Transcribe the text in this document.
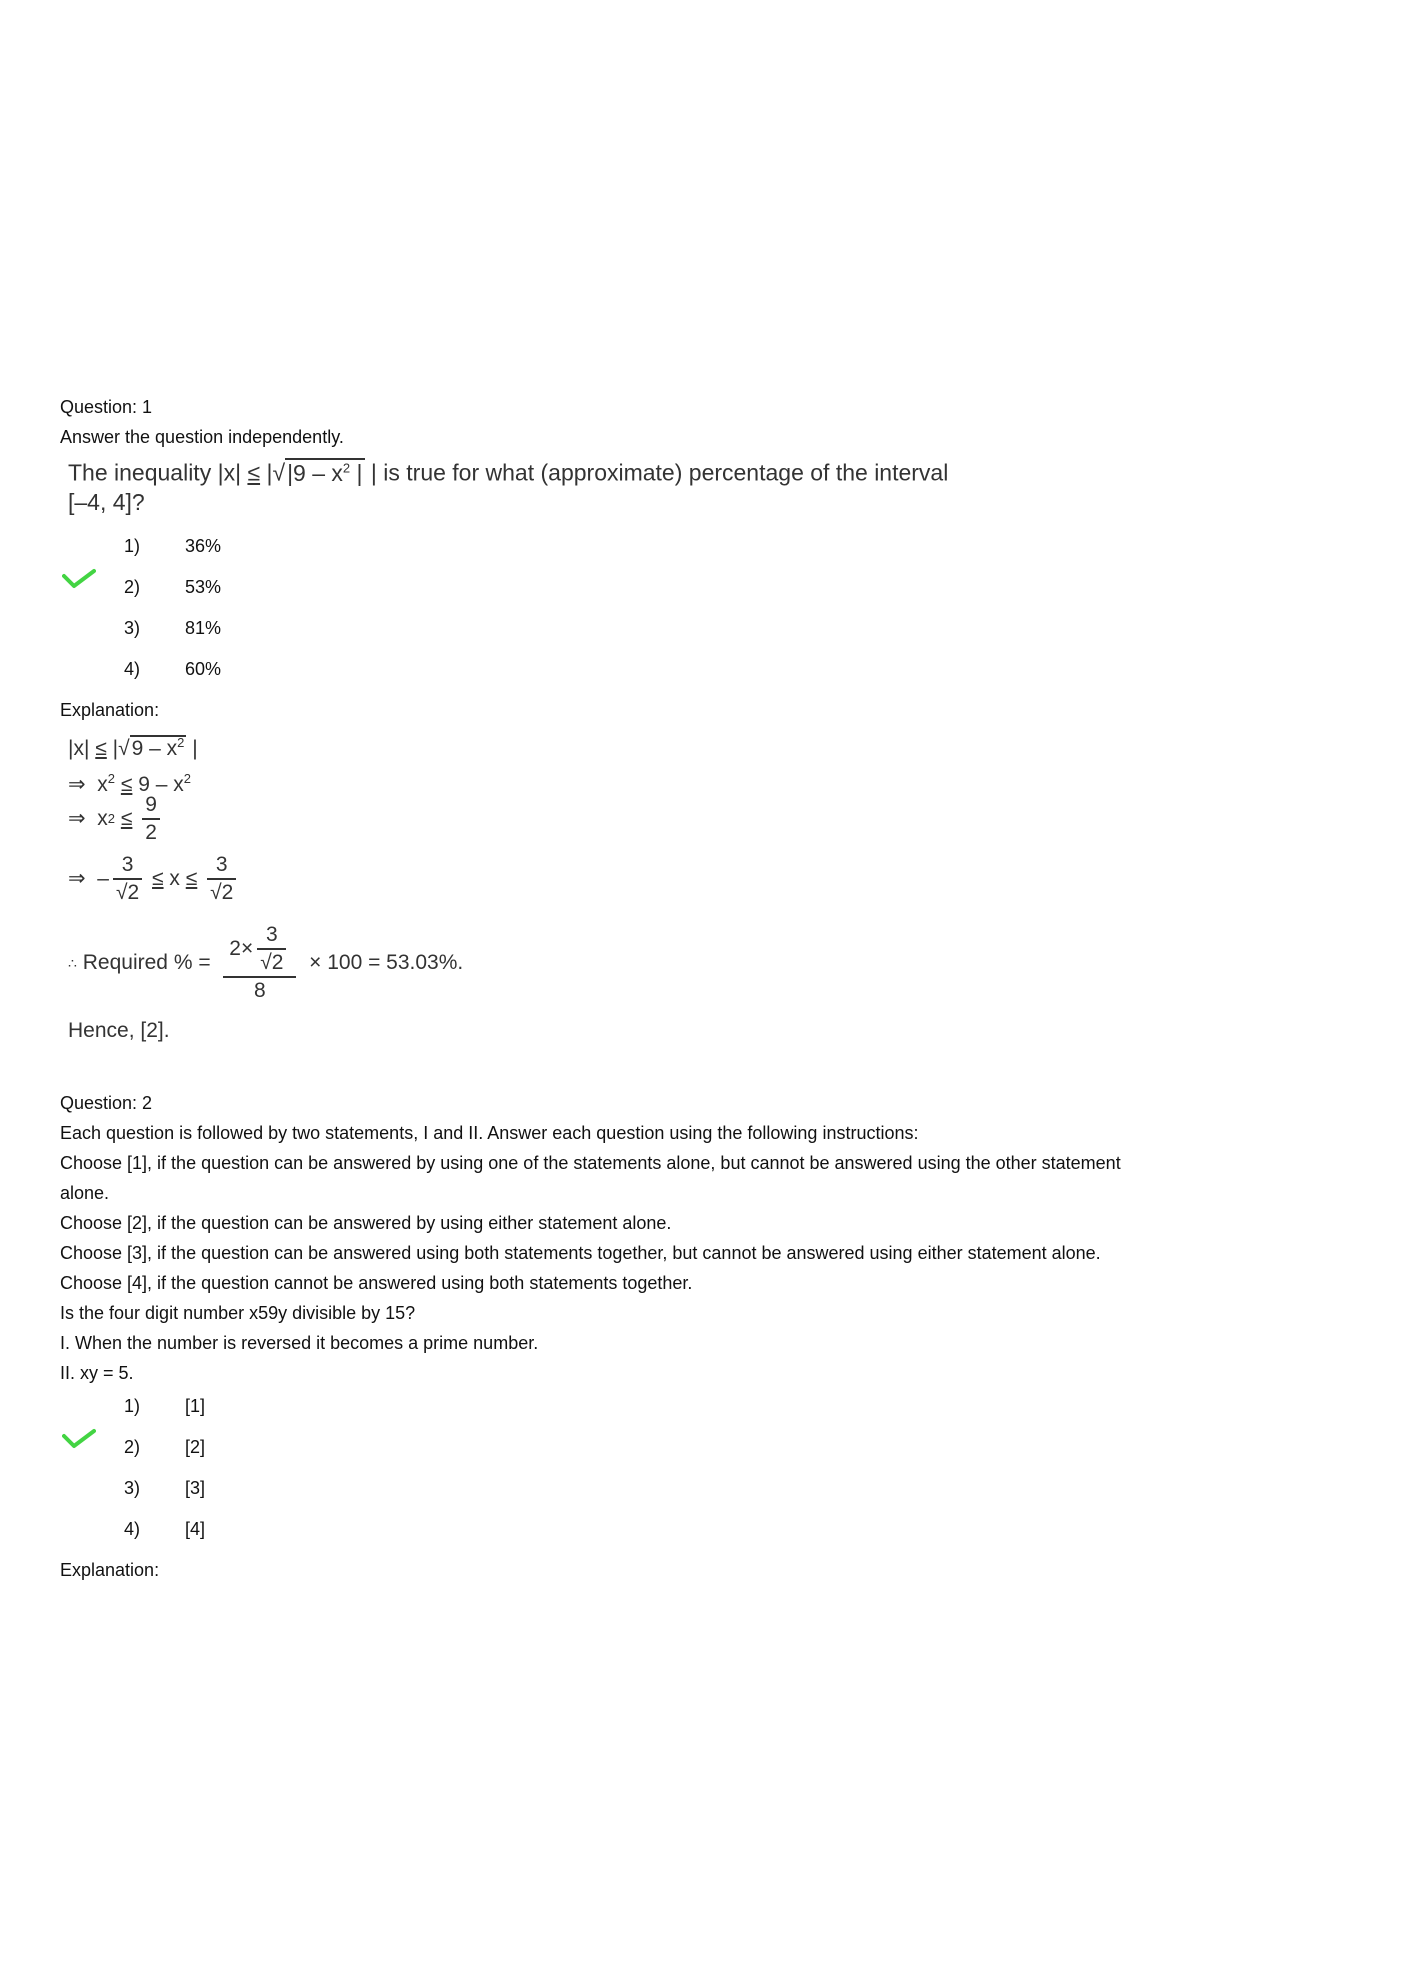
Question: 1
Answer the question independently.
The inequality $|x| \le |√|9 - x^2$ | | is true for what (approximate) percentage of the interval
[–4, 4]?
1) 36%
2) 53%
3) 81%
4) 60%
Explanation:
$|x| \le |√9 - x^2$ |
⇒ $x^2 \le 9 - x^2$
⇒
x 2
≤
$\frac{9}{2}$
⇒
– $\frac{3}{√2}$
≤
x
≤
$\frac{3}{√2}$
∴
Required % =
$\frac{2\times \frac{3}{√2}}{8}$
× 100 = 53.03%.
Hence, [2].
Question: 2
Each question is followed by two statements, I and II. Answer each question using the following instructions:
Choose [1], if the question can be answered by using one of the statements alone, but cannot be answered using the other statement
alone.
Choose [2], if the question can be answered by using either statement alone.
Choose [3], if the question can be answered using both statements together, but cannot be answered using either statement alone.
Choose [4], if the question cannot be answered using both statements together.
Is the four digit number x59y divisible by 15?
I. When the number is reversed it becomes a prime number.
II. xy = 5.
1) [1]
2) [2]
3) [3]
4) [4]
Explanation:
